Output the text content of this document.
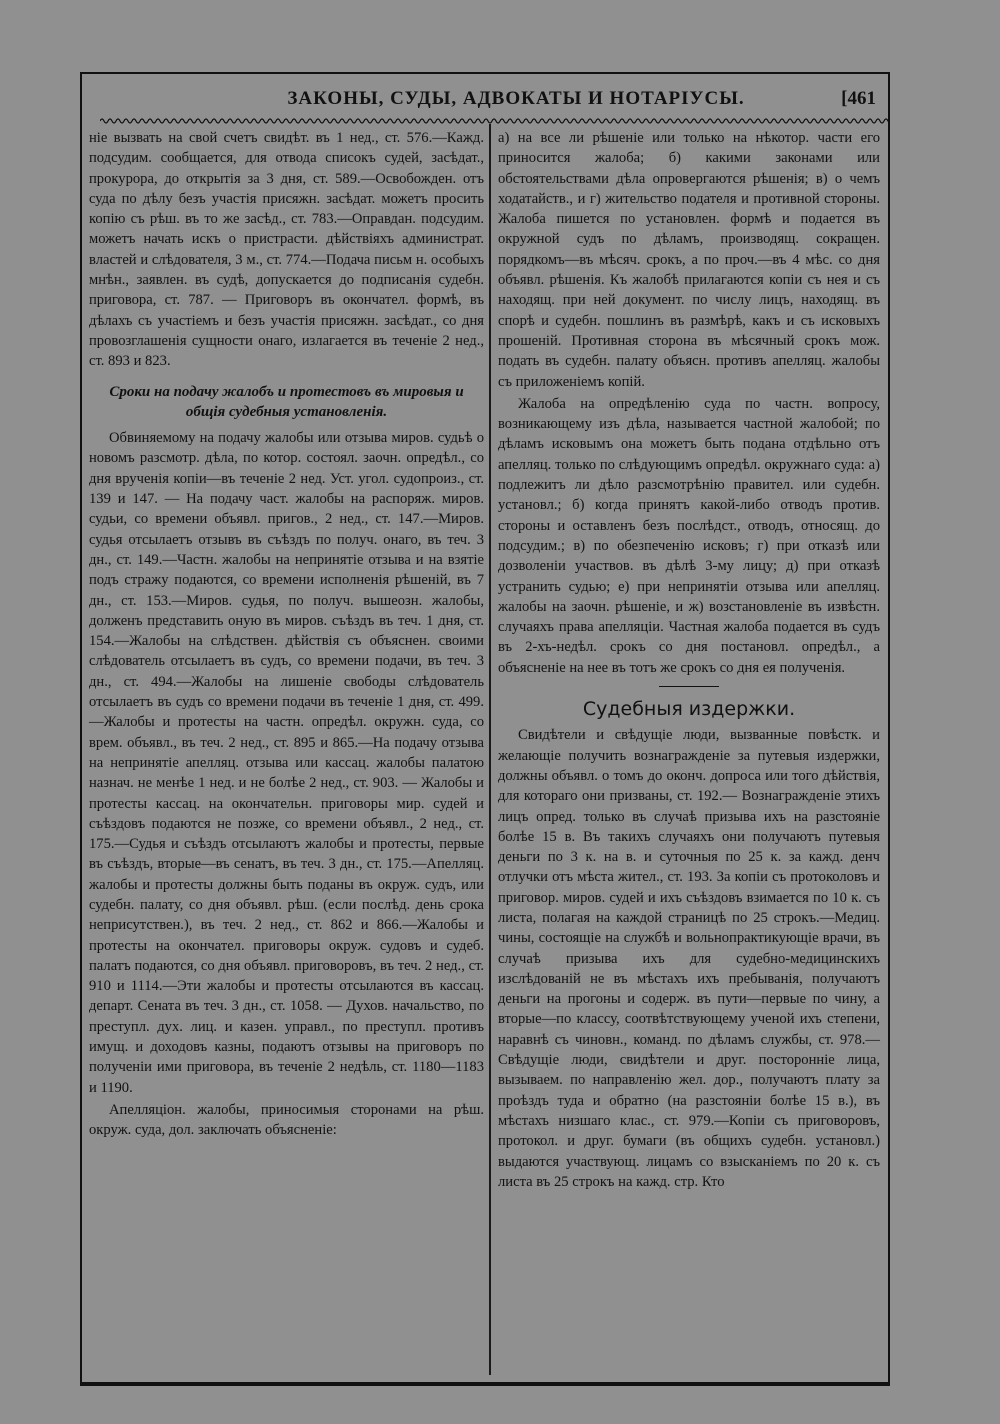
ЗАКОНЫ, СУДЫ, АДВОКАТЫ И НОТАРІУСЫ.	[461

ніе вызвать на свой счетъ свидѣт. въ 1 нед., ст. 576.—Кажд. подсудим. сообщается, для отвода списокъ судей, засѣдат., прокурора, до открытія за 3 дня, ст. 589.—Освобожден. отъ суда по дѣлу безъ участія присяжн. засѣдат. можетъ просить копію съ рѣш. въ то же засѣд., ст. 783.—Оправдан. подсудим. можетъ начать искъ о пристрасти. дѣйствіяхъ администрат. властей и слѣдователя, 3 м., ст. 774.—Подача письм н. особыхъ мнѣн., заявлен. въ судѣ, допускается до подписанія судебн. приговора, ст. 787. — Приговоръ въ окончател. формѣ, въ дѣлахъ съ участіемъ и безъ участія присяжн. засѣдат., со дня провозглашенія сущности онаго, излагается въ теченіе 2 нед., ст. 893 и 823.

Сроки на подачу жалобъ и протестовъ въ мировыя и общія судебныя установленія.

Обвиняемому на подачу жалобы или отзыва миров. судьѣ о новомъ разсмотр. дѣла, по котор. состоял. заочн. опредѣл., со дня врученія копіи—въ теченіе 2 нед. Уст. угол. судопроиз., ст. 139 и 147. — На подачу част. жалобы на распоряж. миров. судьи, со времени объявл. пригов., 2 нед., ст. 147.—Миров. судья отсылаетъ отзывъ въ съѣздъ по получ. онаго, въ теч. 3 дн., ст. 149.—Частн. жалобы на непринятіе отзыва и на взятіе подъ стражу подаются, со времени исполненія рѣшеній, въ 7 дн., ст. 153.—Миров. судья, по получ. вышеозн. жалобы, долженъ представить оную въ миров. съѣздъ въ теч. 1 дня, ст. 154.—Жалобы на слѣдствен. дѣйствія съ объяснен. своими слѣдователь отсылаетъ въ судъ, со времени подачи, въ теч. 3 дн., ст. 494.—Жалобы на лишеніе свободы слѣдователь отсылаетъ въ судъ со времени подачи въ теченіе 1 дня, ст. 499.—Жалобы и протесты на частн. опредѣл. окружн. суда, со врем. объявл., въ теч. 2 нед., ст. 895 и 865.—На подачу отзыва на непринятіе апелляц. отзыва или кассац. жалобы палатою назнач. не менѣе 1 нед. и не болѣе 2 нед., ст. 903. — Жалобы и протесты кассац. на окончательн. приговоры мир. судей и съѣздовъ подаются не позже, со времени объявл., 2 нед., ст. 175.—Судья и съѣздъ отсылаютъ жалобы и протесты, первые въ съѣздъ, вторые—въ сенатъ, въ теч. 3 дн., ст. 175.—Апелляц. жалобы и протесты должны быть поданы въ окруж. судъ, или судебн. палату, со дня объявл. рѣш. (если послѣд. день срока неприсутствен.), въ теч. 2 нед., ст. 862 и 866.—Жалобы и протесты на окончател. приговоры окруж. судовъ и судеб. палатъ подаются, со дня объявл. приговоровъ, въ теч. 2 нед., ст. 910 и 1114.—Эти жалобы и протесты отсылаются въ кассац. департ. Сената въ теч. 3 дн., ст. 1058. — Духов. начальство, по преступл. дух. лиц. и казен. управл., по преступл. противъ имущ. и доходовъ казны, подаютъ отзывы на приговоръ по полученіи ими приговора, въ теченіе 2 недѣль, ст. 1180—1183 и 1190.

Апелляціон. жалобы, приносимыя сторонами на рѣш. окруж. суда, дол. заключать объясненіе:

а) на все ли рѣшеніе или только на нѣкотор. части его приносится жалоба; б) какими законами или обстоятельствами дѣла опровергаются рѣшенія; в) о чемъ ходатайств., и г) жительство подателя и противной стороны. Жалоба пишется по установлен. формѣ и подается въ окружной судъ по дѣламъ, производящ. сокращен. порядкомъ—въ мѣсяч. срокъ, а по проч.—въ 4 мѣс. со дня объявл. рѣшенія. Къ жалобѣ прилагаются копіи съ нея и съ находящ. при ней документ. по числу лицъ, находящ. въ спорѣ и судебн. пошлинъ въ размѣрѣ, какъ и съ исковыхъ прошеній. Противная сторона въ мѣсячный срокъ мож. подать въ судебн. палату объясн. противъ апелляц. жалобы съ приложеніемъ копій.

Жалоба на опредѣленію суда по частн. вопросу, возникающему изъ дѣла, называется частной жалобой; по дѣламъ исковымъ она можетъ быть подана отдѣльно отъ апелляц. только по слѣдующимъ опредѣл. окружнаго суда: а) подлежитъ ли дѣло разсмотрѣнію правител. или судебн. установл.; б) когда принятъ какой-либо отводъ против. стороны и оставленъ безъ послѣдст., отводъ, относящ. до подсудим.; в) по обезпеченію исковъ; г) при отказѣ или дозволеніи участвов. въ дѣлѣ 3-му лицу; д) при отказѣ устранить судью; е) при непринятіи отзыва или апелляц. жалобы на заочн. рѣшеніе, и ж) возстановленіе въ извѣстн. случаяхъ права апелляціи. Частная жалоба подается въ судъ въ 2-хъ-недѣл. срокъ со дня постановл. опредѣл., а объясненіе на нее въ тотъ же срокъ со дня ея полученія.

Судебныя издержки.

Свидѣтели и свѣдущіе люди, вызванные повѣстк. и желающіе получить вознагражденіе за путевыя издержки, должны объявл. о томъ до оконч. допроса или того дѣйствія, для котораго они призваны, ст. 192.— Вознагражденіе этихъ лицъ опред. только въ случаѣ призыва ихъ на разстояніе болѣе 15 в. Въ такихъ случаяхъ они получаютъ путевыя деньги по 3 к. на в. и суточныя по 25 к. за кажд. денч отлучки отъ мѣста жител., ст. 193. За копіи съ протоколовъ и приговор. миров. судей и ихъ съѣздовъ взимается по 10 к. съ листа, полагая на каждой страницѣ по 25 строкъ.—Медиц. чины, состоящіе на службѣ и вольнопрактикующіе врачи, въ случаѣ призыва ихъ для судебно-медицинскихъ изслѣдованій не въ мѣстахъ ихъ пребыванія, получаютъ деньги на прогоны и содерж. въ пути—первые по чину, а вторые—по классу, соотвѣтствующему ученой ихъ степени, наравнѣ съ чиновн., команд. по дѣламъ службы, ст. 978.—Свѣдущіе люди, свидѣтели и друг. посторонніе лица, вызываем. по направленію жел. дор., получаютъ плату за проѣздъ туда и обратно (на разстояніи болѣе 15 в.), въ мѣстахъ низшаго клас., ст. 979.—Копіи съ приговоровъ, протокол. и друг. бумаги (въ общихъ судебн. установл.) выдаются участвующ. лицамъ со взысканіемъ по 20 к. съ листа въ 25 строкъ на кажд. стр. Кто
